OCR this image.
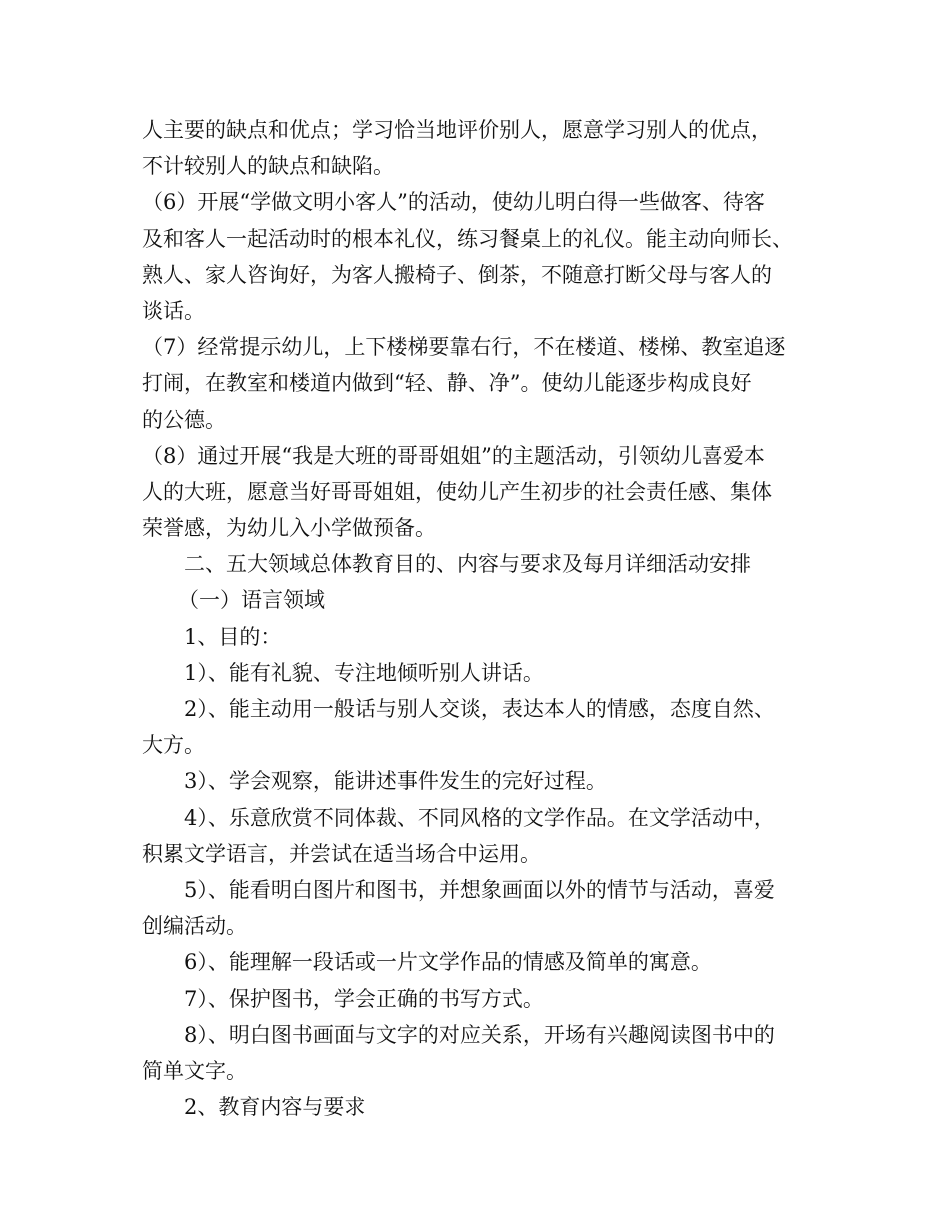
人主要的缺点和优点；学习恰当地评价别人，愿意学习别人的优点，
不计较别人的缺点和缺陷。
（6）开展“学做文明小客人”的活动，使幼儿明白得一些做客、待客
及和客人一起活动时的根本礼仪，练习餐桌上的礼仪。能主动向师长、
熟人、家人咨询好，为客人搬椅子、倒茶，不随意打断父母与客人的
谈话。
（7）经常提示幼儿，上下楼梯要靠右行，不在楼道、楼梯、教室追逐
打闹，在教室和楼道内做到“轻、静、净”。使幼儿能逐步构成良好
的公德。
（8）通过开展“我是大班的哥哥姐姐”的主题活动，引领幼儿喜爱本
人的大班，愿意当好哥哥姐姐，使幼儿产生初步的社会责任感、集体
荣誉感，为幼儿入小学做预备。
二、五大领域总体教育目的、内容与要求及每月详细活动安排
（一）语言领域
1、目的：
1）、能有礼貌、专注地倾听别人讲话。
2）、能主动用一般话与别人交谈，表达本人的情感，态度自然、
大方。
3）、学会观察，能讲述事件发生的完好过程。
4）、乐意欣赏不同体裁、不同风格的文学作品。在文学活动中，
积累文学语言，并尝试在适当场合中运用。
5）、能看明白图片和图书，并想象画面以外的情节与活动，喜爱
创编活动。
6）、能理解一段话或一片文学作品的情感及简单的寓意。
7）、保护图书，学会正确的书写方式。
8）、明白图书画面与文字的对应关系，开场有兴趣阅读图书中的
简单文字。
2、教育内容与要求
